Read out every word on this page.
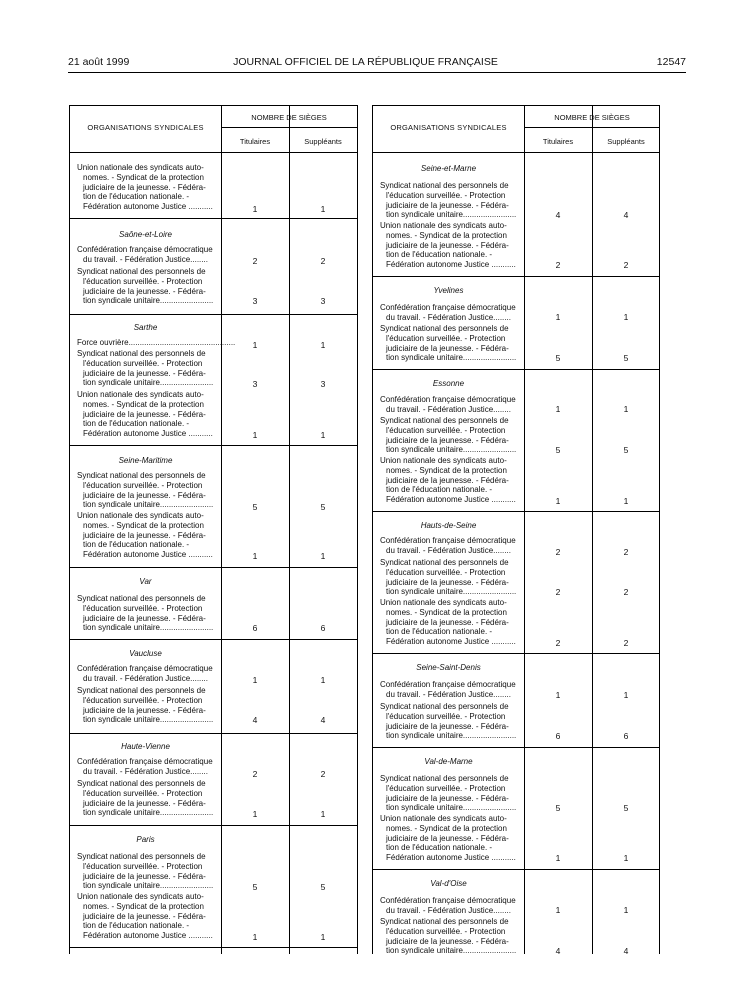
21 août 1999	JOURNAL OFFICIEL DE LA RÉPUBLIQUE FRANÇAISE	12547
ORGANISATIONS SYNDICALES
NOMBRE DE SIÈGES
Titulaires	Suppléants
Union nationale des syndicats auto-
nomes. - Syndicat de la protection
judiciaire de la jeunesse. - Fédéra-
tion de l'éducation nationale. -
Fédération autonome Justice ...........	1	1
Saône-et-Loire
Confédération française démocratique
du travail. - Fédération Justice........	2	2
Syndicat national des personnels de
l'éducation surveillée. - Protection
judiciaire de la jeunesse. - Fédéra-
tion syndicale unitaire........................	3	3
Sarthe
Force ouvrière................................................	1	1
Syndicat national des personnels de
l'éducation surveillée. - Protection
judiciaire de la jeunesse. - Fédéra-
tion syndicale unitaire........................	3	3
Union nationale des syndicats auto-
nomes. - Syndicat de la protection
judiciaire de la jeunesse. - Fédéra-
tion de l'éducation nationale. -
Fédération autonome Justice ...........	1	1
Seine-Maritime
Syndicat national des personnels de
l'éducation surveillée. - Protection
judiciaire de la jeunesse. - Fédéra-
tion syndicale unitaire........................	5	5
Union nationale des syndicats auto-
nomes. - Syndicat de la protection
judiciaire de la jeunesse. - Fédéra-
tion de l'éducation nationale. -
Fédération autonome Justice ...........	1	1
Var
Syndicat national des personnels de
l'éducation surveillée. - Protection
judiciaire de la jeunesse. - Fédéra-
tion syndicale unitaire........................	6	6
Vaucluse
Confédération française démocratique
du travail. - Fédération Justice........	1	1
Syndicat national des personnels de
l'éducation surveillée. - Protection
judiciaire de la jeunesse. - Fédéra-
tion syndicale unitaire........................	4	4
Haute-Vienne
Confédération française démocratique
du travail. - Fédération Justice........	2	2
Syndicat national des personnels de
l'éducation surveillée. - Protection
judiciaire de la jeunesse. - Fédéra-
tion syndicale unitaire........................	1	1
Paris
Syndicat national des personnels de
l'éducation surveillée. - Protection
judiciaire de la jeunesse. - Fédéra-
tion syndicale unitaire........................	5	5
Union nationale des syndicats auto-
nomes. - Syndicat de la protection
judiciaire de la jeunesse. - Fédéra-
tion de l'éducation nationale. -
Fédération autonome Justice ...........	1	1
ORGANISATIONS SYNDICALES
NOMBRE DE SIÈGES
Titulaires	Suppléants
Seine-et-Marne
Syndicat national des personnels de
l'éducation surveillée. - Protection
judiciaire de la jeunesse. - Fédéra-
tion syndicale unitaire........................	4	4
Union nationale des syndicats auto-
nomes. - Syndicat de la protection
judiciaire de la jeunesse. - Fédéra-
tion de l'éducation nationale. -
Fédération autonome Justice ...........	2	2
Yvelines
Confédération française démocratique
du travail. - Fédération Justice........	1	1
Syndicat national des personnels de
l'éducation surveillée. - Protection
judiciaire de la jeunesse. - Fédéra-
tion syndicale unitaire........................	5	5
Essonne
Confédération française démocratique
du travail. - Fédération Justice........	1	1
Syndicat national des personnels de
l'éducation surveillée. - Protection
judiciaire de la jeunesse. - Fédéra-
tion syndicale unitaire........................	5	5
Union nationale des syndicats auto-
nomes. - Syndicat de la protection
judiciaire de la jeunesse. - Fédéra-
tion de l'éducation nationale. -
Fédération autonome Justice ...........	1	1
Hauts-de-Seine
Confédération française démocratique
du travail. - Fédération Justice........	2	2
Syndicat national des personnels de
l'éducation surveillée. - Protection
judiciaire de la jeunesse. - Fédéra-
tion syndicale unitaire........................	2	2
Union nationale des syndicats auto-
nomes. - Syndicat de la protection
judiciaire de la jeunesse. - Fédéra-
tion de l'éducation nationale. -
Fédération autonome Justice ...........	2	2
Seine-Saint-Denis
Confédération française démocratique
du travail. - Fédération Justice........	1	1
Syndicat national des personnels de
l'éducation surveillée. - Protection
judiciaire de la jeunesse. - Fédéra-
tion syndicale unitaire........................	6	6
Val-de-Marne
Syndicat national des personnels de
l'éducation surveillée. - Protection
judiciaire de la jeunesse. - Fédéra-
tion syndicale unitaire........................	5	5
Union nationale des syndicats auto-
nomes. - Syndicat de la protection
judiciaire de la jeunesse. - Fédéra-
tion de l'éducation nationale. -
Fédération autonome Justice ...........	1	1
Val-d'Oise
Confédération française démocratique
du travail. - Fédération Justice........	1	1
Syndicat national des personnels de
l'éducation surveillée. - Protection
judiciaire de la jeunesse. - Fédéra-
tion syndicale unitaire........................	4	4
